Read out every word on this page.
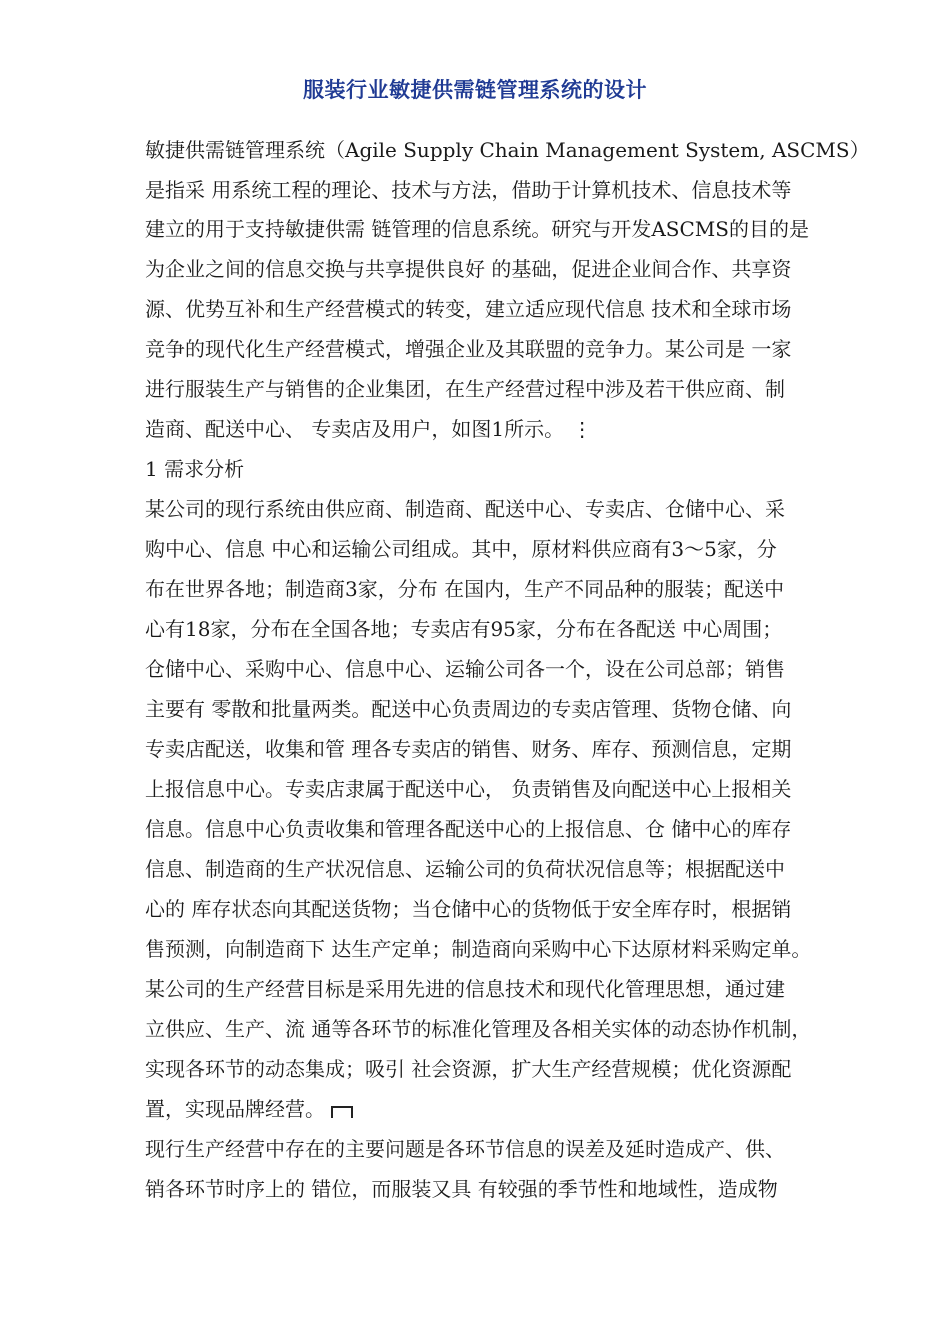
服装行业敏捷供需链管理系统的设计
敏捷供需链管理系统（Agile Supply Chain Management System, ASCMS）
是指采 用系统工程的理论、技术与方法，借助于计算机技术、信息技术等
建立的用于支持敏捷供需 链管理的信息系统。研究与开发ASCMS的目的是
为企业之间的信息交换与共享提供良好 的基础，促进企业间合作、共享资
源、优势互补和生产经营模式的转变，建立适应现代信息 技术和全球市场
竞争的现代化生产经营模式，增强企业及其联盟的竞争力。某公司是 一家
进行服装生产与销售的企业集团，在生产经营过程中涉及若干供应商、制
造商、配送中心、 专卖店及用户，如图1所示。 ⋮
1 需求分析
某公司的现行系统由供应商、制造商、配送中心、专卖店、仓储中心、采
购中心、信息 中心和运输公司组成。其中，原材料供应商有3～5家，分
布在世界各地；制造商3家，分布 在国内，生产不同品种的服装；配送中
心有18家，分布在全国各地；专卖店有95家，分布在各配送 中心周围；
仓储中心、采购中心、信息中心、运输公司各一个，设在公司总部；销售
主要有 零散和批量两类。配送中心负责周边的专卖店管理、货物仓储、向
专卖店配送，收集和管 理各专卖店的销售、财务、库存、预测信息，定期
上报信息中心。专卖店隶属于配送中心， 负责销售及向配送中心上报相关
信息。信息中心负责收集和管理各配送中心的上报信息、仓 储中心的库存
信息、制造商的生产状况信息、运输公司的负荷状况信息等；根据配送中
心的 库存状态向其配送货物；当仓储中心的货物低于安全库存时，根据销
售预测，向制造商下 达生产定单；制造商向采购中心下达原材料采购定单。
某公司的生产经营目标是采用先进的信息技术和现代化管理思想，通过建
立供应、生产、流 通等各环节的标准化管理及各相关实体的动态协作机制，
实现各环节的动态集成；吸引 社会资源，扩大生产经营规模；优化资源配
置，实现品牌经营。
现行生产经营中存在的主要问题是各环节信息的误差及延时造成产、供、
销各环节时序上的 错位，而服装又具 有较强的季节性和地域性，造成物
